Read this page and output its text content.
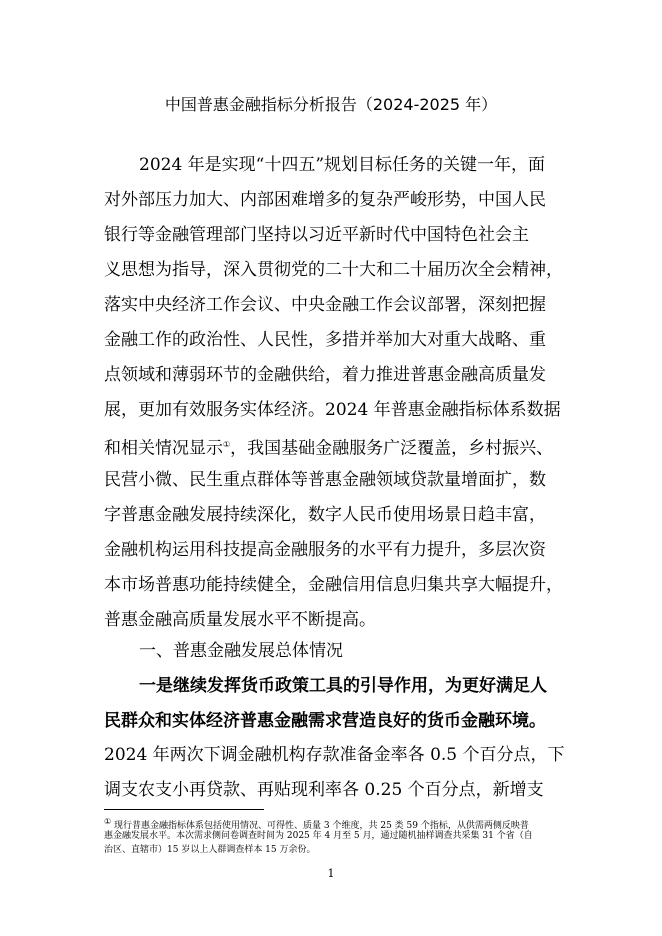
中国普惠金融指标分析报告（2024-2025 年）
2024 年是实现“十四五”规划目标任务的关键一年，面
对外部压力加大、内部困难增多的复杂严峻形势，中国人民
银行等金融管理部门坚持以习近平新时代中国特色社会主
义思想为指导，深入贯彻党的二十大和二十届历次全会精神，
落实中央经济工作会议、中央金融工作会议部署，深刻把握
金融工作的政治性、人民性，多措并举加大对重大战略、重
点领域和薄弱环节的金融供给，着力推进普惠金融高质量发
展，更加有效服务实体经济。2024 年普惠金融指标体系数据
和相关情况显示①，我国基础金融服务广泛覆盖，乡村振兴、
民营小微、民生重点群体等普惠金融领域贷款量增面扩，数
字普惠金融发展持续深化，数字人民币使用场景日趋丰富，
金融机构运用科技提高金融服务的水平有力提升，多层次资
本市场普惠功能持续健全，金融信用信息归集共享大幅提升，
普惠金融高质量发展水平不断提高。
一、普惠金融发展总体情况
一是继续发挥货币政策工具的引导作用，为更好满足人
民群众和实体经济普惠金融需求营造良好的货币金融环境。
2024 年两次下调金融机构存款准备金率各 0.5 个百分点，下
调支农支小再贷款、再贴现利率各 0.25 个百分点，新增支
① 现行普惠金融指标体系包括使用情况、可得性、质量 3 个维度，共 25 类 59 个指标，从供需两侧反映普
惠金融发展水平。本次需求侧问卷调查时间为 2025 年 4 月至 5 月，通过随机抽样调查共采集 31 个省（自
治区、直辖市）15 岁以上人群调查样本 15 万余份。
1
